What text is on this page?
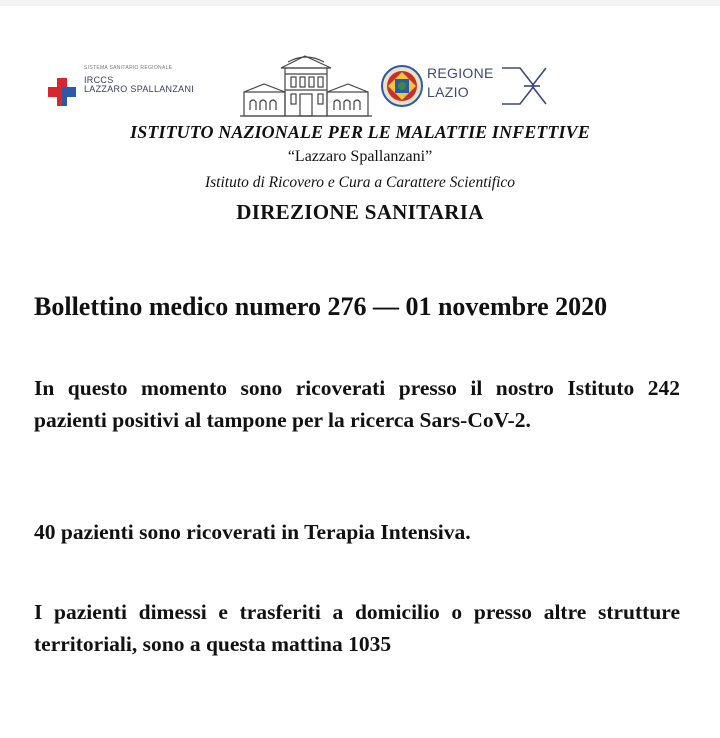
SISTEMA SANITARIO REGIONALE
IRCCS
LAZZARO SPALLANZANI
REGIONE
LAZIO
ISTITUTO NAZIONALE PER LE MALATTIE INFETTIVE
“Lazzaro Spallanzani”
Istituto di Ricovero e Cura a Carattere Scientifico
DIREZIONE SANITARIA
Bollettino medico numero 276 — 01 novembre 2020
In questo momento sono ricoverati presso il nostro Istituto 242 pazienti positivi al tampone per la ricerca Sars-CoV-2.
40 pazienti sono ricoverati in Terapia Intensiva.
I pazienti dimessi e trasferiti a domicilio o presso altre strutture territoriali, sono a questa mattina 1035
